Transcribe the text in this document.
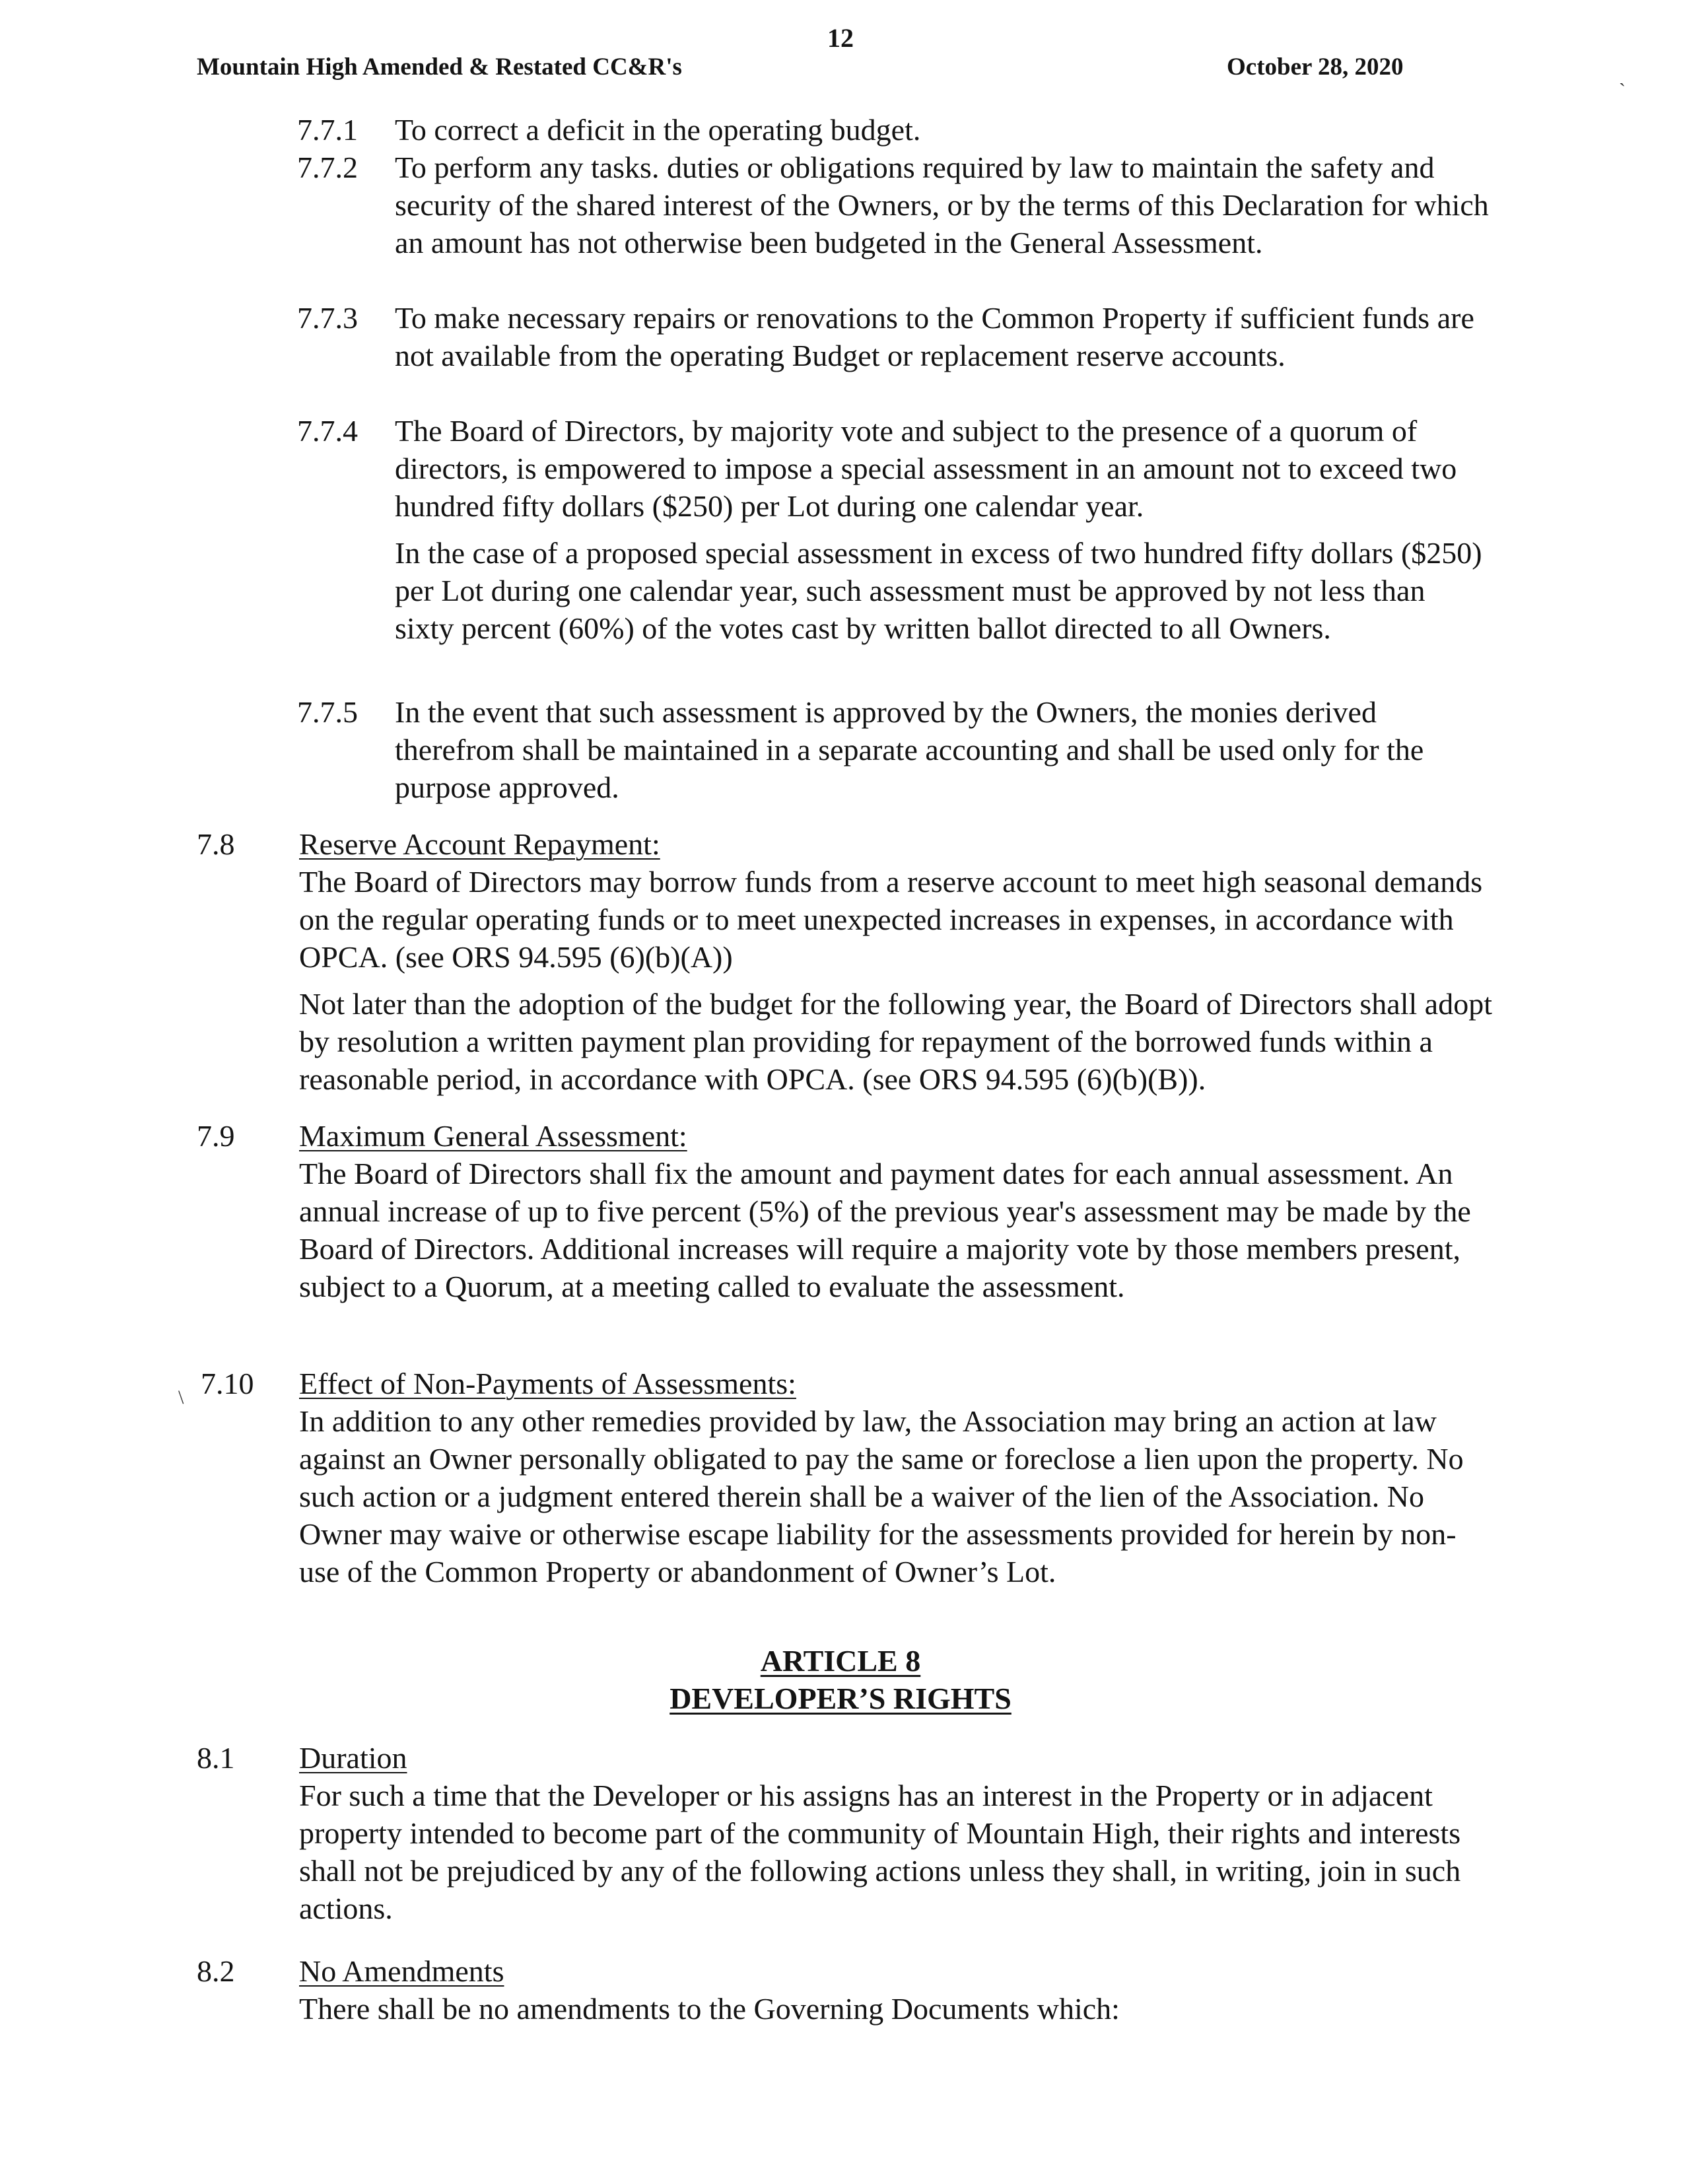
12
Mountain High Amended & Restated CC&R's	October 28, 2020	ˏ
\
7.7.1 To correct a deficit in the operating budget.

7.7.2 To perform any tasks. duties or obligations required by law to maintain the safety and security of the shared interest of the Owners, or by the terms of this Declaration for which an amount has not otherwise been budgeted in the General Assessment.

7.7.3 To make necessary repairs or renovations to the Common Property if sufficient funds are not available from the operating Budget or replacement reserve accounts.

7.7.4 The Board of Directors, by majority vote and subject to the presence of a quorum of directors, is empowered to impose a special assessment in an amount not to exceed two hundred fifty dollars ($250) per Lot during one calendar year.

In the case of a proposed special assessment in excess of two hundred fifty dollars ($250) per Lot during one calendar year, such assessment must be approved by not less than sixty percent (60%) of the votes cast by written ballot directed to all Owners.

7.7.5 In the event that such assessment is approved by the Owners, the monies derived therefrom shall be maintained in a separate accounting and shall be used only for the purpose approved.

7.8 Reserve Account Repayment:

The Board of Directors may borrow funds from a reserve account to meet high seasonal demands on the regular operating funds or to meet unexpected increases in expenses, in accordance with OPCA. (see ORS 94.595 (6)(b)(A))

Not later than the adoption of the budget for the following year, the Board of Directors shall adopt by resolution a written payment plan providing for repayment of the borrowed funds within a reasonable period, in accordance with OPCA. (see ORS 94.595 (6)(b)(B)).

7.9 Maximum General Assessment:

The Board of Directors shall fix the amount and payment dates for each annual assessment. An annual increase of up to five percent (5%) of the previous year's assessment may be made by the Board of Directors. Additional increases will require a majority vote by those members present, subject to a Quorum, at a meeting called to evaluate the assessment.

7.10 Effect of Non-Payments of Assessments:

In addition to any other remedies provided by law, the Association may bring an action at law against an Owner personally obligated to pay the same or foreclose a lien upon the property. No such action or a judgment entered therein shall be a waiver of the lien of the Association. No Owner may waive or otherwise escape liability for the assessments provided for herein by non-use of the Common Property or abandonment of Owner’s Lot.

ARTICLE 8
DEVELOPER’S RIGHTS
8.1 Duration

For such a time that the Developer or his assigns has an interest in the Property or in adjacent property intended to become part of the community of Mountain High, their rights and interests shall not be prejudiced by any of the following actions unless they shall, in writing, join in such actions.

8.2 No Amendments

There shall be no amendments to the Governing Documents which:
